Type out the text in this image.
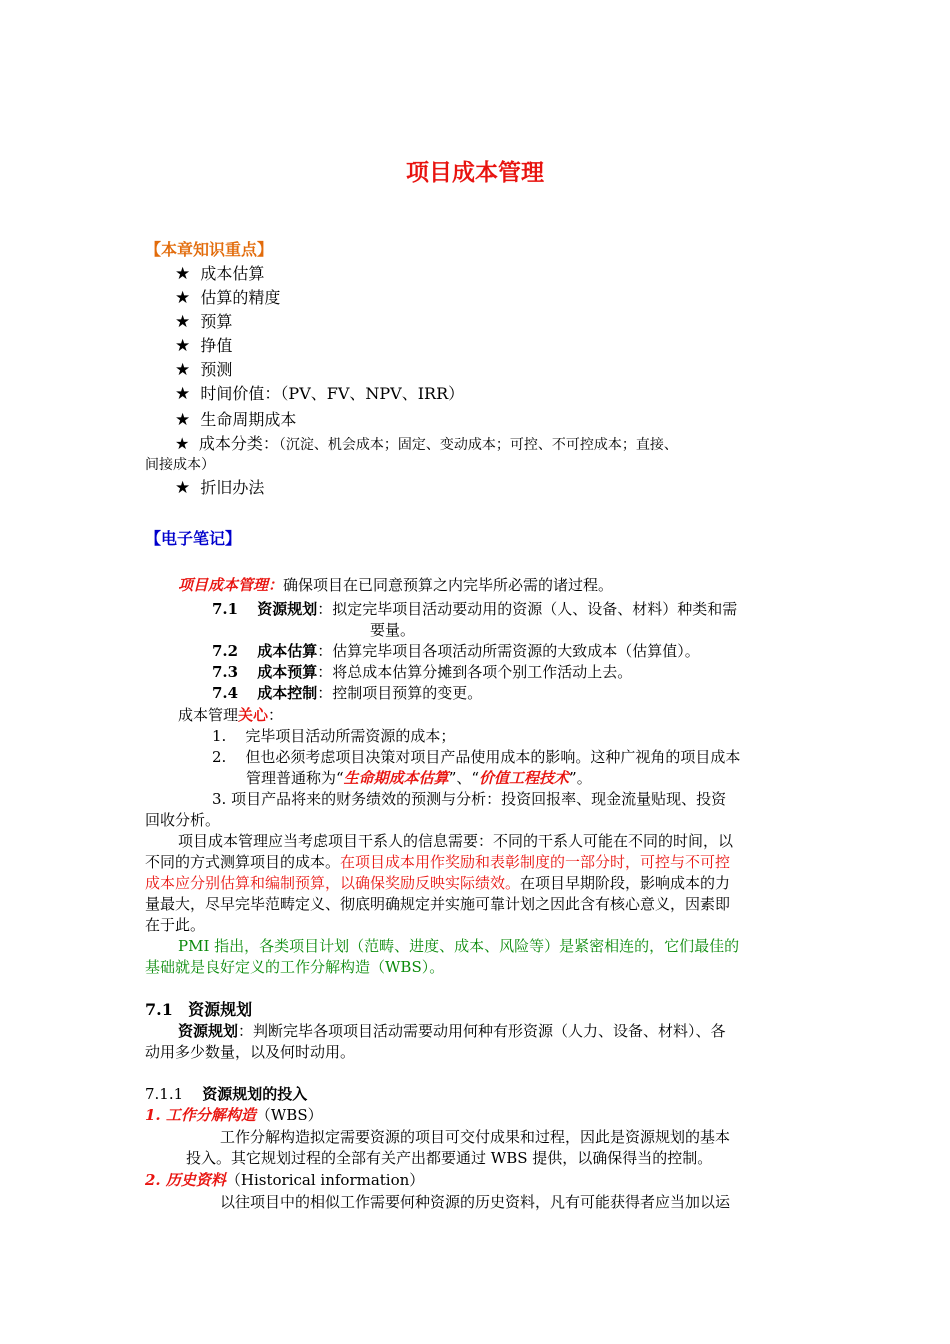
项目成本管理
【本章知识重点】
★ 成本估算
★ 估算的精度
★ 预算
★ 挣值
★ 预测
★ 时间价值：（PV、FV、NPV、IRR）
★ 生命周期成本
★ 成本分类：（沉淀、机会成本；固定、变动成本；可控、不可控成本；直接、
间接成本）
★ 折旧办法
【电子笔记】
项目成本管理：确保项目在已同意预算之内完毕所必需的诸过程。
7.1 资源规划：拟定完毕项目活动要动用的资源（人、设备、材料）种类和需
要量。
7.2 成本估算：估算完毕项目各项活动所需资源的大致成本（估算值）。
7.3 成本预算：将总成本估算分摊到各项个别工作活动上去。
7.4 成本控制：控制项目预算的变更。
成本管理关心：
1. 完毕项目活动所需资源的成本；
2. 但也必须考虑项目决策对项目产品使用成本的影响。这种广视角的项目成本
管理普通称为“生命期成本估算”、“价值工程技术”。
3. 项目产品将来的财务绩效的预测与分析：投资回报率、现金流量贴现、投资
回收分析。
项目成本管理应当考虑项目干系人的信息需要：不同的干系人可能在不同的时间，以
不同的方式测算项目的成本。在项目成本用作奖励和表彰制度的一部分时，可控与不可控
成本应分别估算和编制预算，以确保奖励反映实际绩效。在项目早期阶段，影响成本的力
量最大，尽早完毕范畴定义、彻底明确规定并实施可靠计划之因此含有核心意义，因素即
在于此。
PMI 指出，各类项目计划（范畴、进度、成本、风险等）是紧密相连的，它们最佳的
基础就是良好定义的工作分解构造（WBS）。
7.1 资源规划
资源规划：判断完毕各项项目活动需要动用何种有形资源（人力、设备、材料）、各
动用多少数量，以及何时动用。
7.1.1 资源规划的投入
1. 工作分解构造（WBS）
工作分解构造拟定需要资源的项目可交付成果和过程，因此是资源规划的基本
投入。其它规划过程的全部有关产出都要通过 WBS 提供，以确保得当的控制。
2. 历史资料（Historical information）
以往项目中的相似工作需要何种资源的历史资料，凡有可能获得者应当加以运
